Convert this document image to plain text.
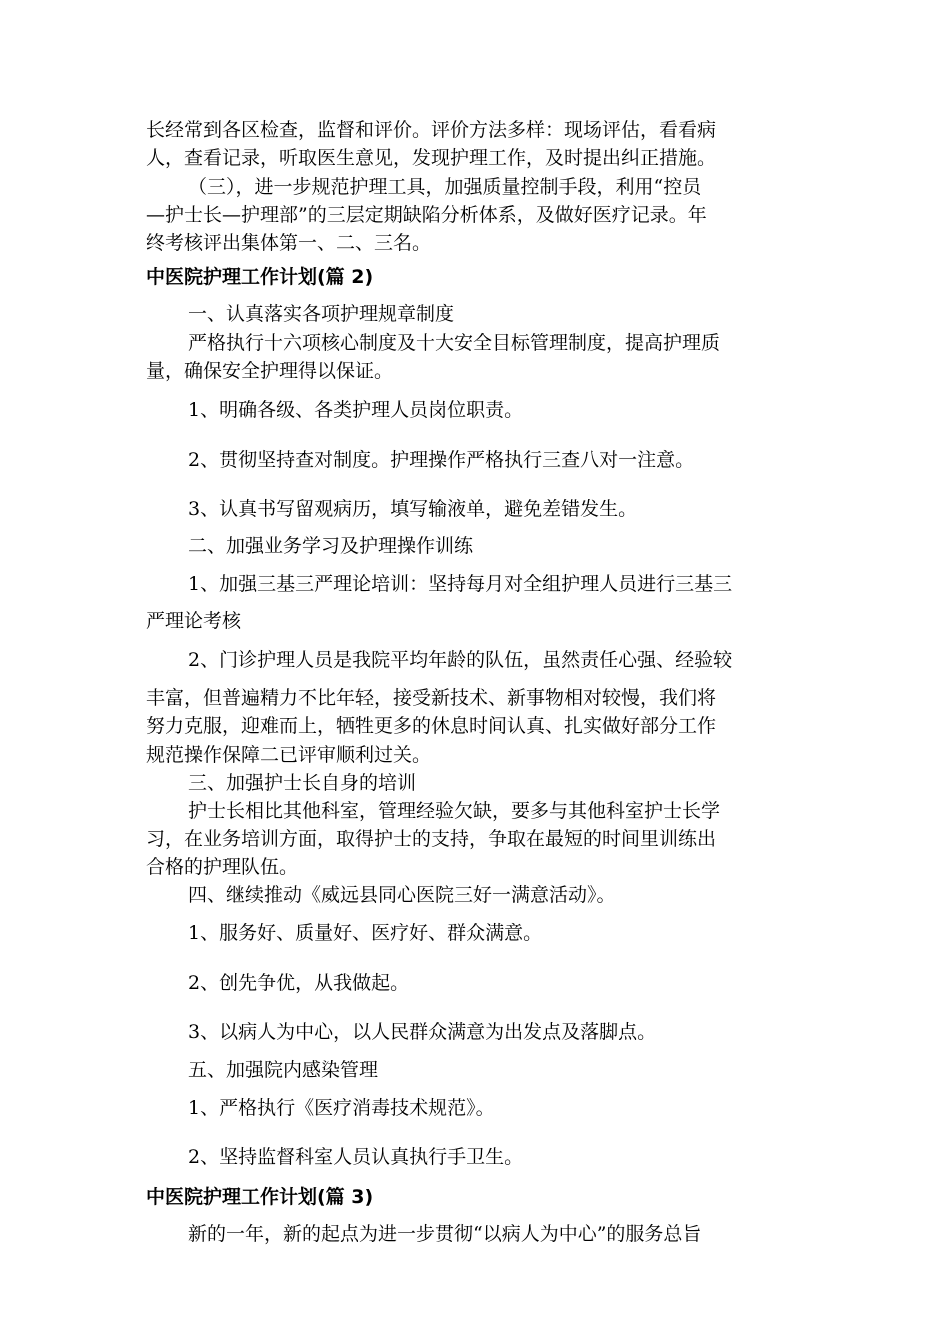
长经常到各区检查，监督和评价。评价方法多样：现场评估，看看病

人，查看记录，听取医生意见，发现护理工作，及时提出纠正措施。

（三），进一步规范护理工具，加强质量控制手段，利用“控员

—护士长—护理部”的三层定期缺陷分析体系，及做好医疗记录。年

终考核评出集体第一、二、三名。

中医院护理工作计划(篇 2)

一、认真落实各项护理规章制度

严格执行十六项核心制度及十大安全目标管理制度，提高护理质

量，确保安全护理得以保证。

1、明确各级、各类护理人员岗位职责。

2、贯彻坚持查对制度。护理操作严格执行三查八对一注意。

3、认真书写留观病历，填写输液单，避免差错发生。

二、加强业务学习及护理操作训练

1、加强三基三严理论培训：坚持每月对全组护理人员进行三基三

严理论考核

2、门诊护理人员是我院平均年龄的队伍，虽然责任心强、经验较

丰富，但普遍精力不比年轻，接受新技术、新事物相对较慢，我们将

努力克服，迎难而上，牺牲更多的休息时间认真、扎实做好部分工作

规范操作保障二已评审顺利过关。

三、加强护士长自身的培训

护士长相比其他科室，管理经验欠缺，要多与其他科室护士长学

习，在业务培训方面，取得护士的支持，争取在最短的时间里训练出

合格的护理队伍。

四、继续推动《威远县同心医院三好一满意活动》。

1、服务好、质量好、医疗好、群众满意。

2、创先争优，从我做起。

3、以病人为中心，以人民群众满意为出发点及落脚点。

五、加强院内感染管理

1、严格执行《医疗消毒技术规范》。

2、坚持监督科室人员认真执行手卫生。

中医院护理工作计划(篇 3)

新的一年，新的起点为进一步贯彻“以病人为中心”的服务总旨
